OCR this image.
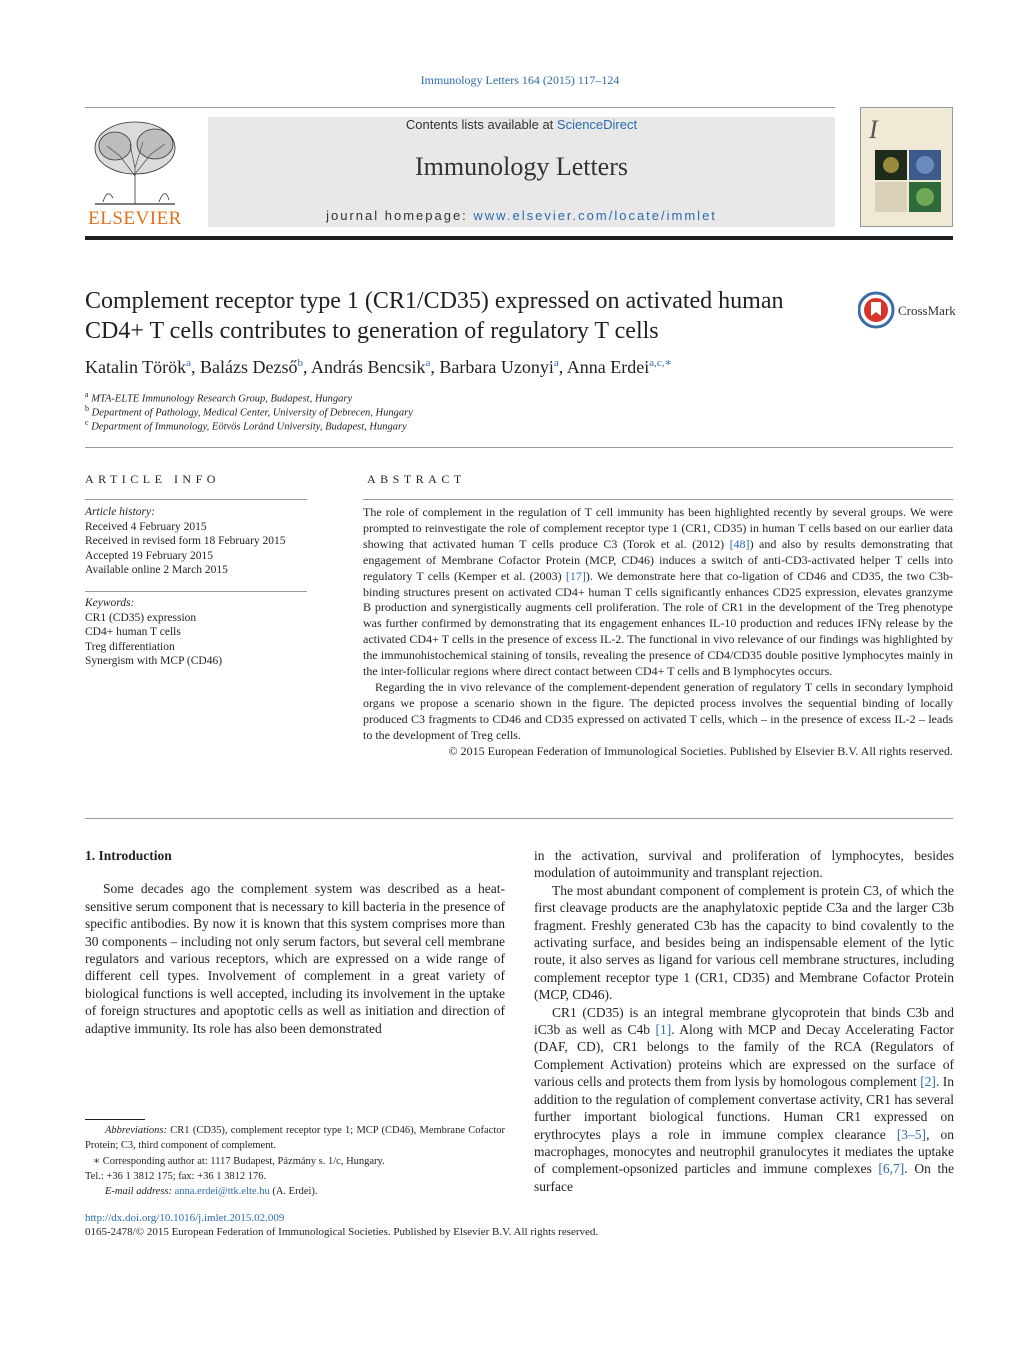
Immunology Letters 164 (2015) 117–124
ELSEVIER
Contents lists available at ScienceDirect
Immunology Letters
journal homepage: www.elsevier.com/locate/immlet
I
Complement receptor type 1 (CR1/CD35) expressed on activated human CD4+ T cells contributes to generation of regulatory T cells
CrossMark
Katalin Török$^a$, Balázs Dezső$^b$, András Bencsik$^a$, Barbara Uzonyi$^a$, Anna Erdei$^{a,c,∗}$
$^a$ MTA-ELTE Immunology Research Group, Budapest, Hungary
$^b$ Department of Pathology, Medical Center, University of Debrecen, Hungary
$^c$ Department of Immunology, Eötvös Loránd University, Budapest, Hungary
ARTICLE INFO
Article history:
Received 4 February 2015
Received in revised form 18 February 2015
Accepted 19 February 2015
Available online 2 March 2015
Keywords:
CR1 (CD35) expression
CD4+ human T cells
Treg differentiation
Synergism with MCP (CD46)
ABSTRACT

The role of complement in the regulation of T cell immunity has been highlighted recently by several groups. We were prompted to reinvestigate the role of complement receptor type 1 (CR1, CD35) in human T cells based on our earlier data showing that activated human T cells produce C3 (Torok et al. (2012) [48]) and also by results demonstrating that engagement of Membrane Cofactor Protein (MCP, CD46) induces a switch of anti-CD3-activated helper T cells into regulatory T cells (Kemper et al. (2003) [17]). We demonstrate here that co-ligation of CD46 and CD35, the two C3b-binding structures present on activated CD4+ human T cells significantly enhances CD25 expression, elevates granzyme B production and synergistically augments cell proliferation. The role of CR1 in the development of the Treg phenotype was further confirmed by demonstrating that its engagement enhances IL-10 production and reduces IFNγ release by the activated CD4+ T cells in the presence of excess IL-2. The functional in vivo relevance of our findings was highlighted by the immunohistochemical staining of tonsils, revealing the presence of CD4/CD35 double positive lymphocytes mainly in the inter-follicular regions where direct contact between CD4+ T cells and B lymphocytes occurs.

Regarding the in vivo relevance of the complement-dependent generation of regulatory T cells in secondary lymphoid organs we propose a scenario shown in the figure. The depicted process involves the sequential binding of locally produced C3 fragments to CD46 and CD35 expressed on activated T cells, which – in the presence of excess IL-2 – leads to the development of Treg cells.

© 2015 European Federation of Immunological Societies. Published by Elsevier B.V. All rights reserved.

1. Introduction

Some decades ago the complement system was described as a heat-sensitive serum component that is necessary to kill bacteria in the presence of specific antibodies. By now it is known that this system comprises more than 30 components – including not only serum factors, but several cell membrane regulators and various receptors, which are expressed on a wide range of different cell types. Involvement of complement in a great variety of biological functions is well accepted, including its involvement in the uptake of foreign structures and apoptotic cells as well as initiation and direction of adaptive immunity. Its role has also been demonstrated

in the activation, survival and proliferation of lymphocytes, besides modulation of autoimmunity and transplant rejection.

The most abundant component of complement is protein C3, of which the first cleavage products are the anaphylatoxic peptide C3a and the larger C3b fragment. Freshly generated C3b has the capacity to bind covalently to the activating surface, and besides being an indispensable element of the lytic route, it also serves as ligand for various cell membrane structures, including complement receptor type 1 (CR1, CD35) and Membrane Cofactor Protein (MCP, CD46).

CR1 (CD35) is an integral membrane glycoprotein that binds C3b and iC3b as well as C4b [1]. Along with MCP and Decay Accelerating Factor (DAF, CD), CR1 belongs to the family of the RCA (Regulators of Complement Activation) proteins which are expressed on the surface of various cells and protects them from lysis by homologous complement [2]. In addition to the regulation of complement convertase activity, CR1 has several further important biological functions. Human CR1 expressed on erythrocytes plays a role in immune complex clearance [3–5], on macrophages, monocytes and neutrophil granulocytes it mediates the uptake of complement-opsonized particles and immune complexes [6,7]. On the surface

Abbreviations: CR1 (CD35), complement receptor type 1; MCP (CD46), Membrane Cofactor Protein; C3, third component of complement.
∗ Corresponding author at: 1117 Budapest, Pázmány s. 1/c, Hungary.
Tel.: +36 1 3812 175; fax: +36 1 3812 176.
E-mail address: anna.erdei@ttk.elte.hu (A. Erdei).
http://dx.doi.org/10.1016/j.imlet.2015.02.009
0165-2478/© 2015 European Federation of Immunological Societies. Published by Elsevier B.V. All rights reserved.
